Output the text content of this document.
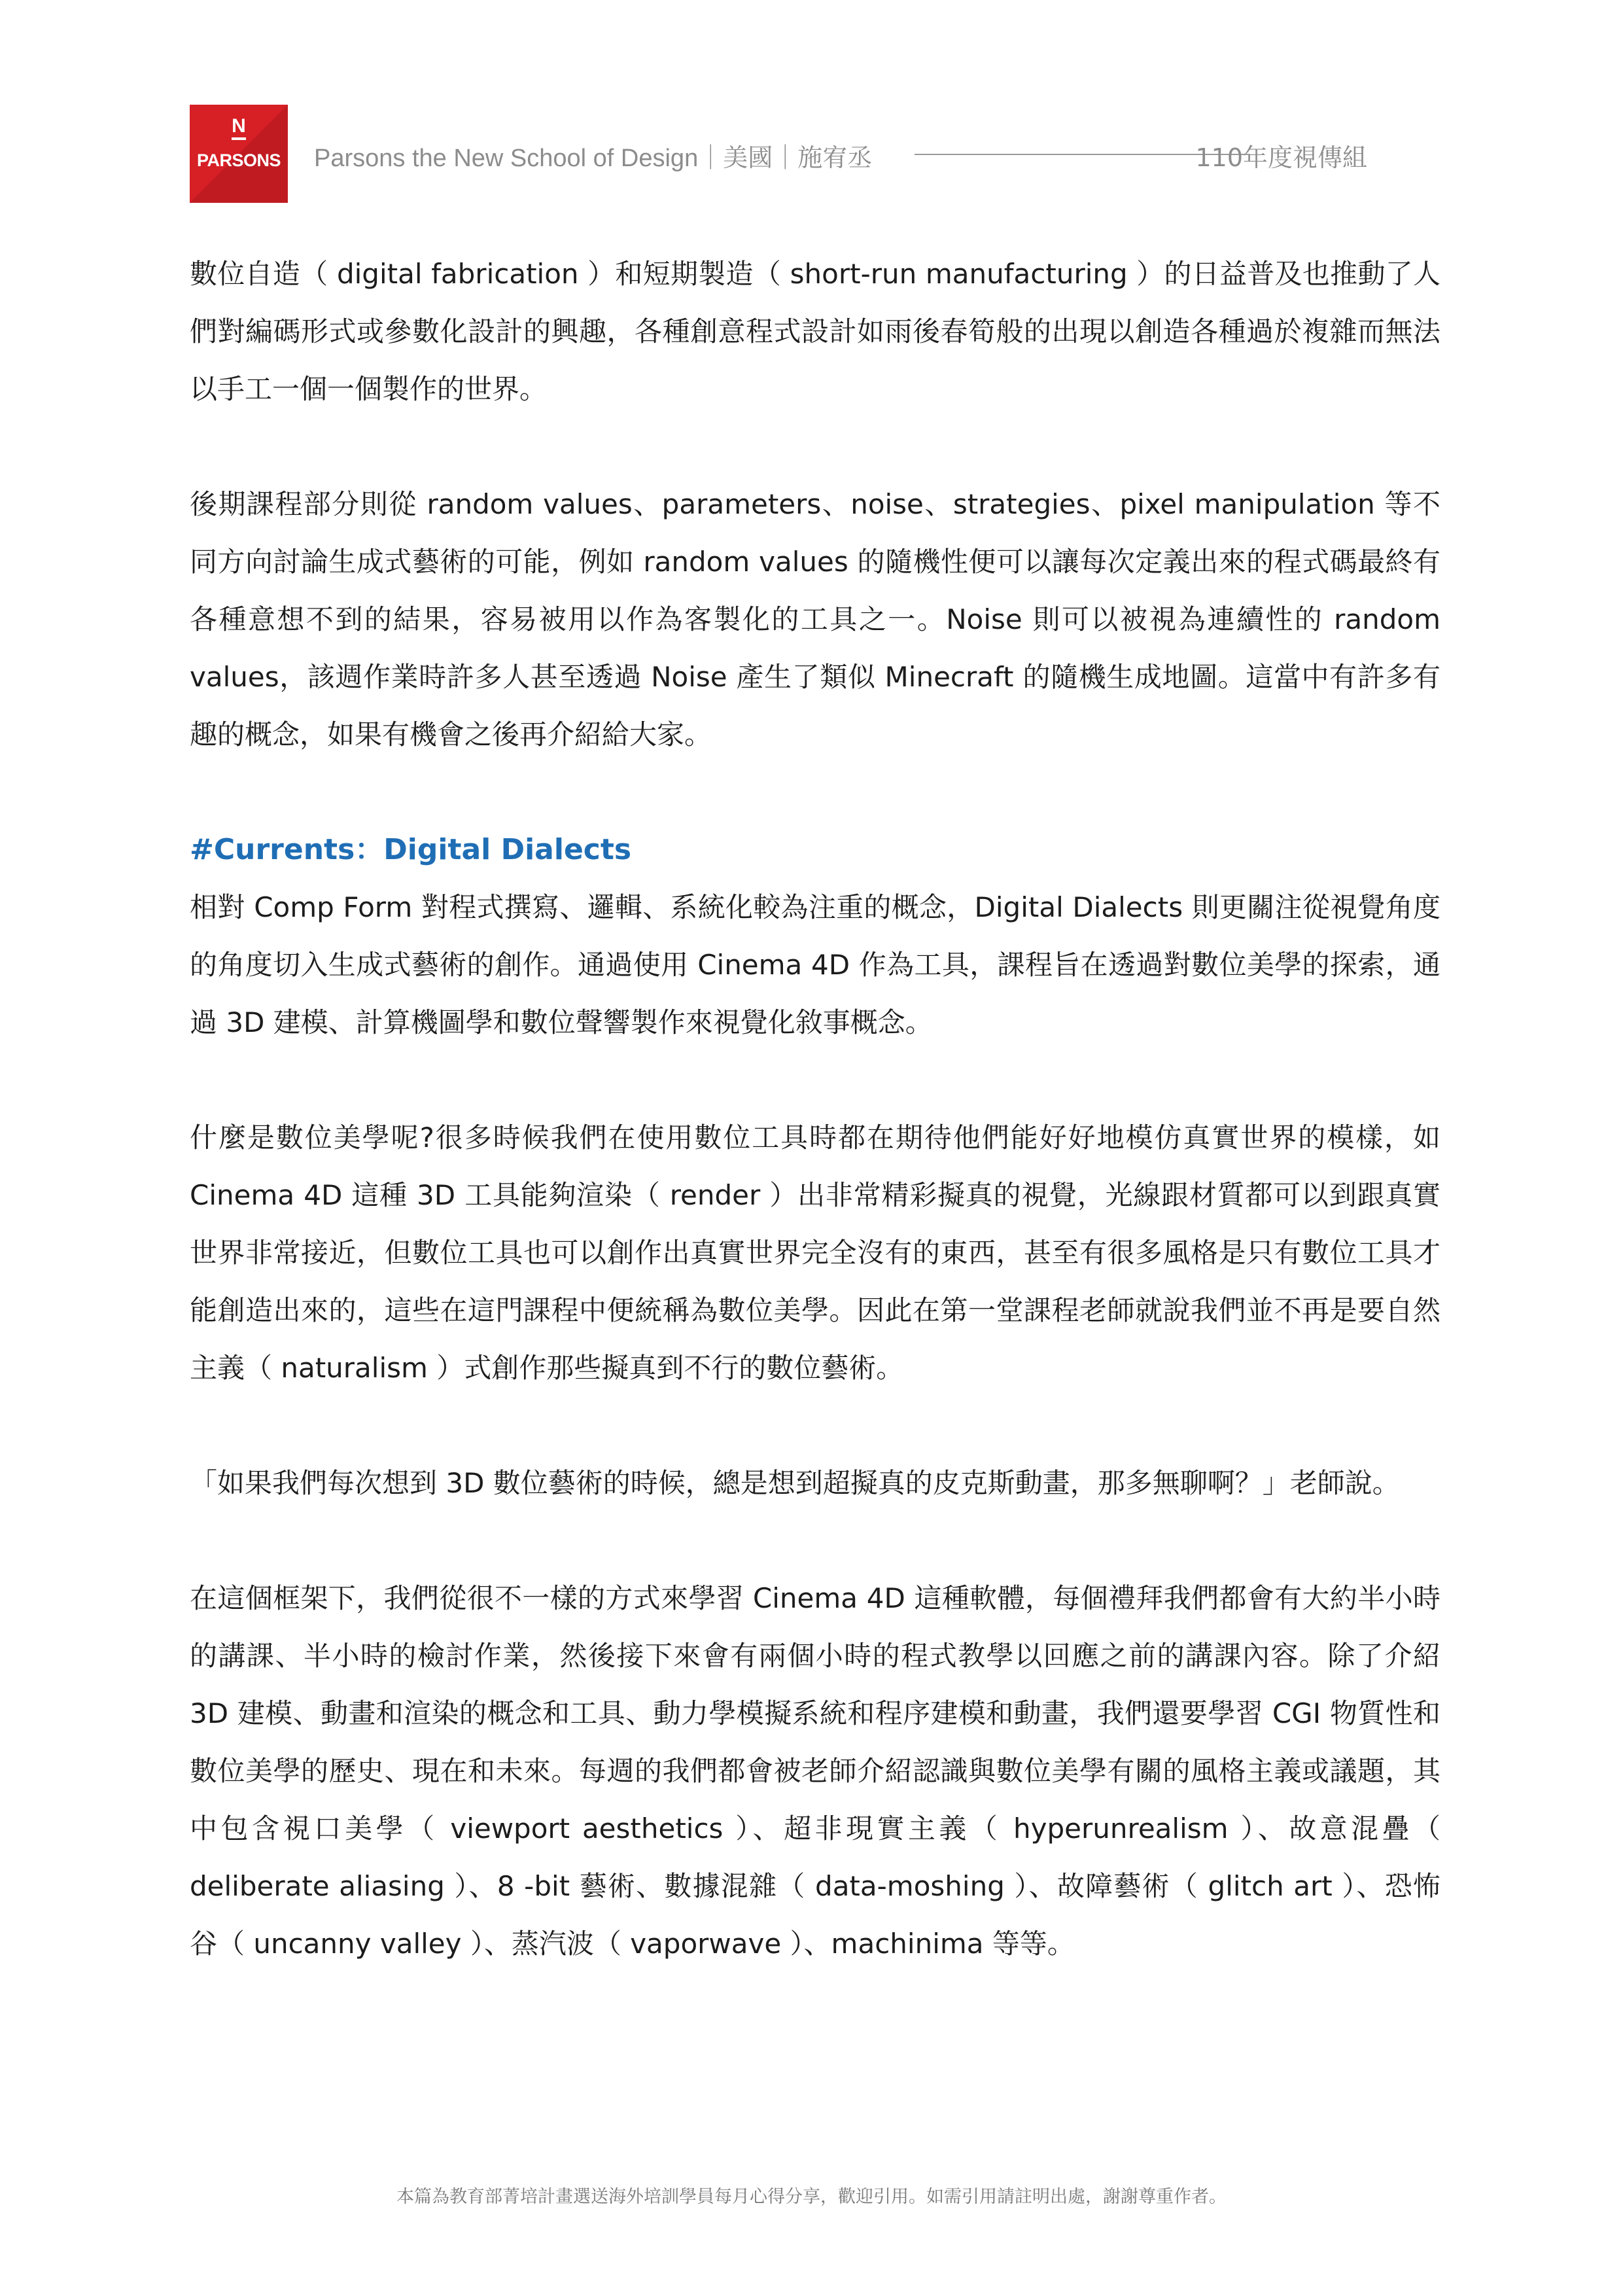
N
PARSONS Parsons the New School of Design｜美國｜施宥丞	110年度視傳組

數位自造（ digital fabrication ）和短期製造（ short-run manufacturing ）的日益普及也推動了人們對編碼形式或參數化設計的興趣，各種創意程式設計如雨後春筍般的出現以創造各種過於複雜而無法以手工一個一個製作的世界。

後期課程部分則從 random values、parameters、noise、strategies、pixel manipulation 等不同方向討論生成式藝術的可能，例如 random values 的隨機性便可以讓每次定義出來的程式碼最終有各種意想不到的結果，容易被用以作為客製化的工具之一。Noise 則可以被視為連續性的 random values，該週作業時許多人甚至透過 Noise 產生了類似 Minecraft 的隨機生成地圖。這當中有許多有趣的概念，如果有機會之後再介紹給大家。

#Currents：Digital Dialects

相對 Comp Form 對程式撰寫、邏輯、系統化較為注重的概念，Digital Dialects 則更關注從視覺角度的角度切入生成式藝術的創作。通過使用 Cinema 4D 作為工具，課程旨在透過對數位美學的探索，通過 3D 建模、計算機圖學和數位聲響製作來視覺化敘事概念。

什麼是數位美學呢?很多時候我們在使用數位工具時都在期待他們能好好地模仿真實世界的模樣，如 Cinema 4D 這種 3D 工具能夠渲染（ render ）出非常精彩擬真的視覺，光線跟材質都可以到跟真實世界非常接近，但數位工具也可以創作出真實世界完全沒有的東西，甚至有很多風格是只有數位工具才能創造出來的，這些在這門課程中便統稱為數位美學。因此在第一堂課程老師就說我們並不再是要自然主義（ naturalism ）式創作那些擬真到不行的數位藝術。

「如果我們每次想到 3D 數位藝術的時候，總是想到超擬真的皮克斯動畫，那多無聊啊？」老師說。

在這個框架下，我們從很不一樣的方式來學習 Cinema 4D 這種軟體，每個禮拜我們都會有大約半小時的講課、半小時的檢討作業，然後接下來會有兩個小時的程式教學以回應之前的講課內容。除了介紹 3D 建模、動畫和渲染的概念和工具、動力學模擬系統和程序建模和動畫，我們還要學習 CGI 物質性和數位美學的歷史、現在和未來。每週的我們都會被老師介紹認識與數位美學有關的風格主義或議題，其中包含視口美學（ viewport aesthetics ）、超非現實主義（ hyperunrealism ）、故意混疊（ deliberate aliasing ）、8 -bit 藝術、數據混雜（ data-moshing ）、故障藝術（ glitch art ）、恐怖谷（ uncanny valley ）、蒸汽波（ vaporwave ）、machinima 等等。

本篇為教育部菁培計畫選送海外培訓學員每月心得分享，歡迎引用。如需引用請註明出處，謝謝尊重作者。
